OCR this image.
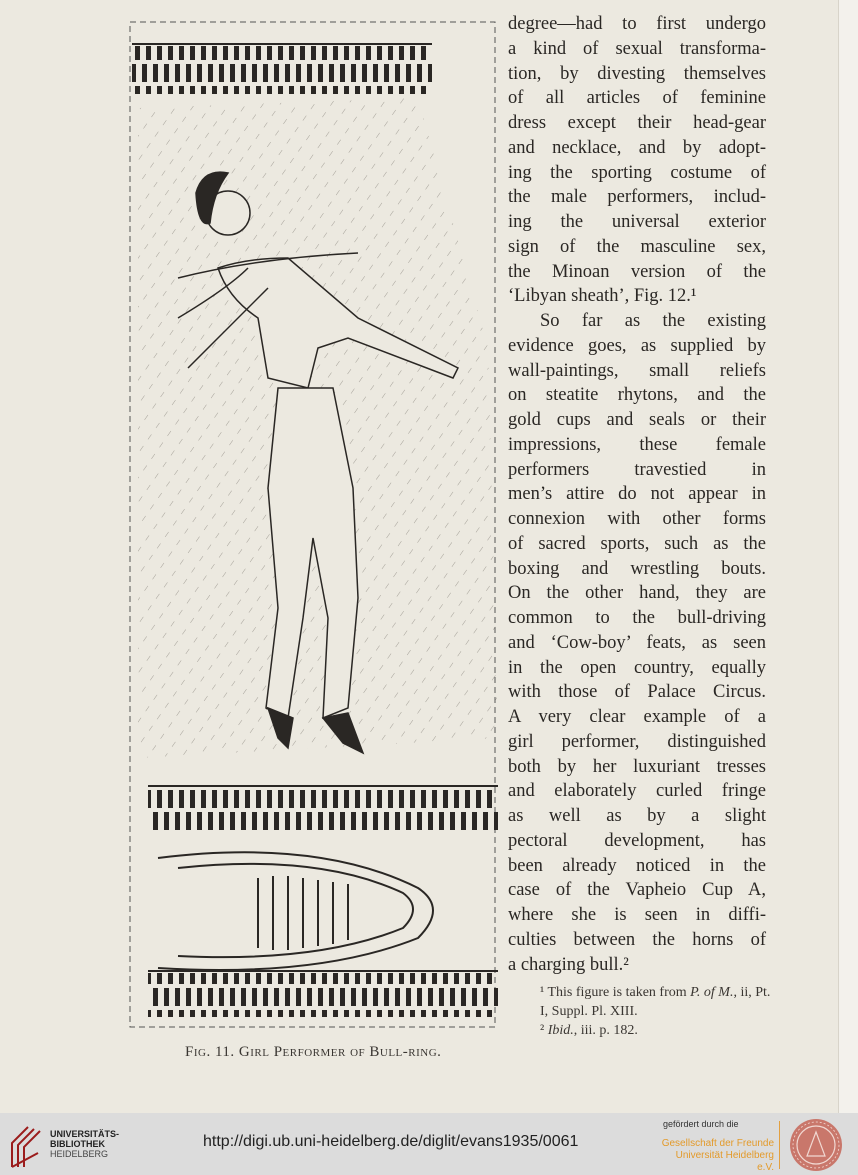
Fig. 11. Girl Performer of Bull-ring.
degree—had to first undergo
a kind of sexual transforma-
tion, by divesting themselves
of all articles of feminine
dress except their head-gear
and necklace, and by adopt-
ing the sporting costume of
the male performers, includ-
ing the universal exterior
sign of the masculine sex,
the Minoan version of the
‘Libyan sheath’, Fig. 12.¹
So far as the existing
evidence goes, as supplied by
wall-paintings, small reliefs
on steatite rhytons, and the
gold cups and seals or their
impressions, these female
performers travestied in
men’s attire do not appear in
connexion with other forms
of sacred sports, such as the
boxing and wrestling bouts.
On the other hand, they are
common to the bull-driving
and ‘Cow-boy’ feats, as seen
in the open country, equally
with those of Palace Circus.
A very clear example of a
girl performer, distinguished
both by her luxuriant tresses
and elaborately curled fringe
as well as by a slight
pectoral development, has
been already noticed in the
case of the Vapheio Cup A,
where she is seen in diffi-
culties between the horns of
a charging bull.²
¹ This figure is taken from P. of M., ii, Pt. I, Suppl. Pl. XIII.
² Ibid., iii. p. 182.
UNIVERSITÄTS-
BIBLIOTHEK
HEIDELBERG
http://digi.ub.uni-heidelberg.de/diglit/evans1935/0061
gefördert durch die
Gesellschaft der Freunde
Universität Heidelberg e.V.
